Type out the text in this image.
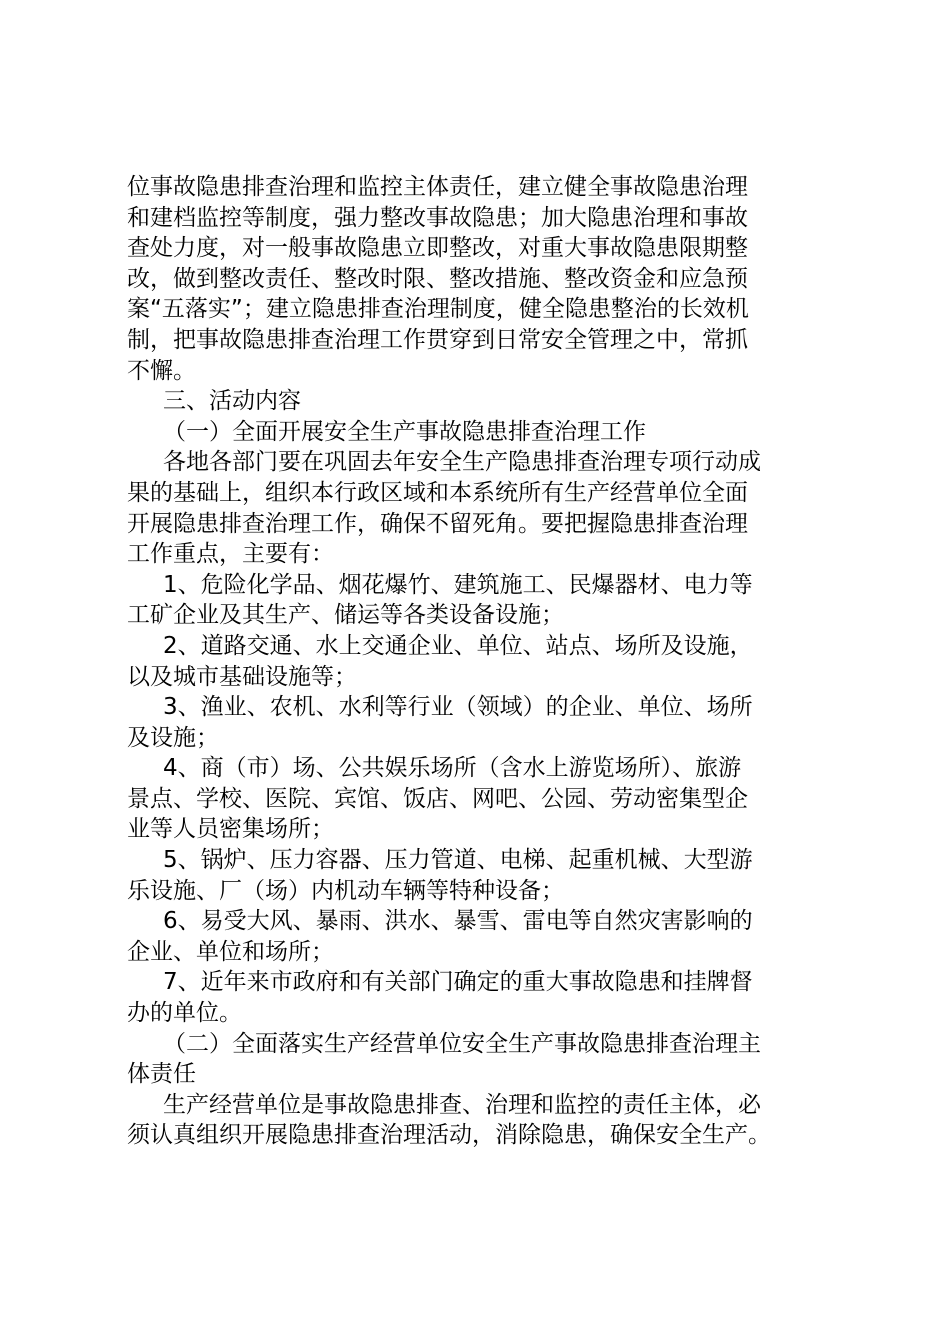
位事故隐患排查治理和监控主体责任，建立健全事故隐患治理
和建档监控等制度，强力整改事故隐患；加大隐患治理和事故
查处力度，对一般事故隐患立即整改，对重大事故隐患限期整
改，做到整改责任、整改时限、整改措施、整改资金和应急预
案“五落实”；建立隐患排查治理制度，健全隐患整治的长效机
制，把事故隐患排查治理工作贯穿到日常安全管理之中，常抓
不懈。
三、活动内容
（一）全面开展安全生产事故隐患排查治理工作
各地各部门要在巩固去年安全生产隐患排查治理专项行动成
果的基础上，组织本行政区域和本系统所有生产经营单位全面
开展隐患排查治理工作，确保不留死角。要把握隐患排查治理
工作重点，主要有：
1、危险化学品、烟花爆竹、建筑施工、民爆器材、电力等
工矿企业及其生产、储运等各类设备设施；
2、道路交通、水上交通企业、单位、站点、场所及设施，
以及城市基础设施等；
3、渔业、农机、水利等行业（领域）的企业、单位、场所
及设施；
4、商（市）场、公共娱乐场所（含水上游览场所）、旅游
景点、学校、医院、宾馆、饭店、网吧、公园、劳动密集型企
业等人员密集场所；
5、锅炉、压力容器、压力管道、电梯、起重机械、大型游
乐设施、厂（场）内机动车辆等特种设备；
6、易受大风、暴雨、洪水、暴雪、雷电等自然灾害影响的
企业、单位和场所；
7、近年来市政府和有关部门确定的重大事故隐患和挂牌督
办的单位。
（二）全面落实生产经营单位安全生产事故隐患排查治理主
体责任
生产经营单位是事故隐患排查、治理和监控的责任主体，必
须认真组织开展隐患排查治理活动，消除隐患，确保安全生产。
